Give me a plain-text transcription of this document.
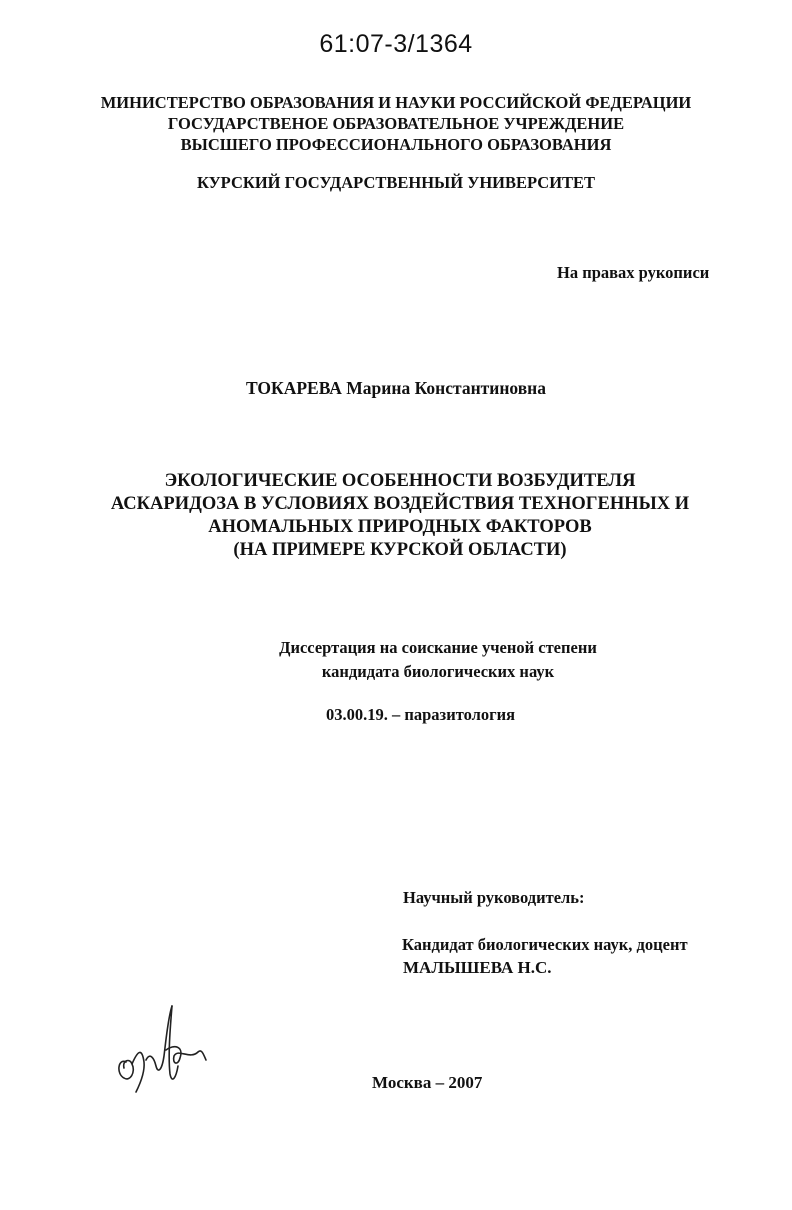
61:07-3/1364
МИНИСТЕРСТВО ОБРАЗОВАНИЯ И НАУКИ РОССИЙСКОЙ ФЕДЕРАЦИИ
ГОСУДАРСТВЕНОЕ ОБРАЗОВАТЕЛЬНОЕ УЧРЕЖДЕНИЕ
ВЫСШЕГО ПРОФЕССИОНАЛЬНОГО ОБРАЗОВАНИЯ
КУРСКИЙ ГОСУДАРСТВЕННЫЙ УНИВЕРСИТЕТ
На правах рукописи
ТОКАРЕВА Марина Константиновна
ЭКОЛОГИЧЕСКИЕ ОСОБЕННОСТИ ВОЗБУДИТЕЛЯ
АСКАРИДОЗА В УСЛОВИЯХ ВОЗДЕЙСТВИЯ ТЕХНОГЕННЫХ И
АНОМАЛЬНЫХ ПРИРОДНЫХ ФАКТОРОВ
(НА ПРИМЕРЕ КУРСКОЙ ОБЛАСТИ)
Диссертация на соискание ученой степени
кандидата биологических наук
03.00.19. – паразитология
Научный руководитель:
Кандидат биологических наук, доцент
МАЛЫШЕВА Н.С.
Москва – 2007
